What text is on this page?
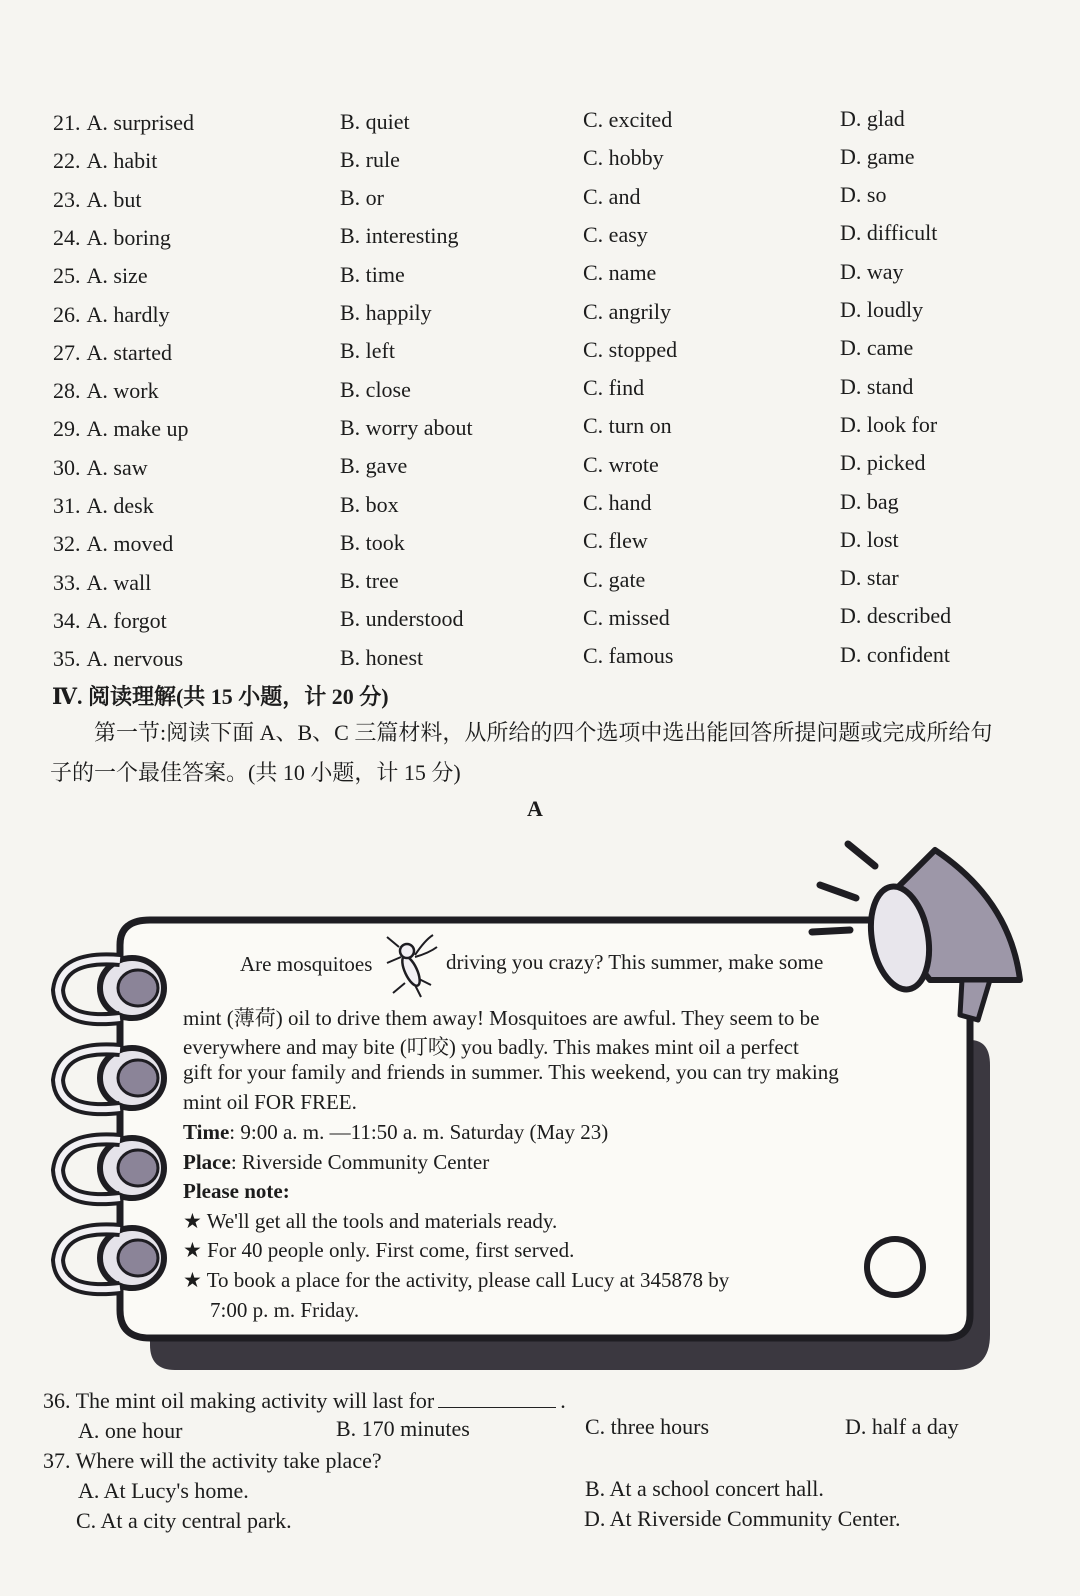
21. A. surprised	B. quiet	C. excited	D. glad
22. A. habit	B. rule	C. hobby	D. game
23. A. but	B. or	C. and	D. so
24. A. boring	B. interesting	C. easy	D. difficult
25. A. size	B. time	C. name	D. way
26. A. hardly	B. happily	C. angrily	D. loudly
27. A. started	B. left	C. stopped	D. came
28. A. work	B. close	C. find	D. stand
29. A. make up	B. worry about	C. turn on	D. look for
30. A. saw	B. gave	C. wrote	D. picked
31. A. desk	B. box	C. hand	D. bag
32. A. moved	B. took	C. flew	D. lost
33. A. wall	B. tree	C. gate	D. star
34. A. forgot	B. understood	C. missed	D. described
35. A. nervous	B. honest	C. famous	D. confident
Ⅳ. 阅读理解(共 15 小题，计 20 分)
第一节:阅读下面 A、B、C 三篇材料，从所给的四个选项中选出能回答所提问题或完成所给句
子的一个最佳答案。(共 10 小题，计 15 分)
A
Are mosquitoes	driving you crazy? This summer, make some
mint (薄荷) oil to drive them away! Mosquitoes are awful. They seem to be
everywhere and may bite (叮咬) you badly. This makes mint oil a perfect
gift for your family and friends in summer. This weekend, you can try making
mint oil FOR FREE.
Time: 9:00 a. m. —11:50 a. m. Saturday (May 23)
Place: Riverside Community Center
Please note:
★ We'll get all the tools and materials ready.
★ For 40 people only. First come, first served.
★ To book a place for the activity, please call Lucy at 345878 by
7:00 p. m. Friday.
36. The mint oil making activity will last for	.
A. one hour	B. 170 minutes	C. three hours	D. half a day
37. Where will the activity take place?
A. At Lucy's home.	B. At a school concert hall.
C. At a city central park.	D. At Riverside Community Center.
